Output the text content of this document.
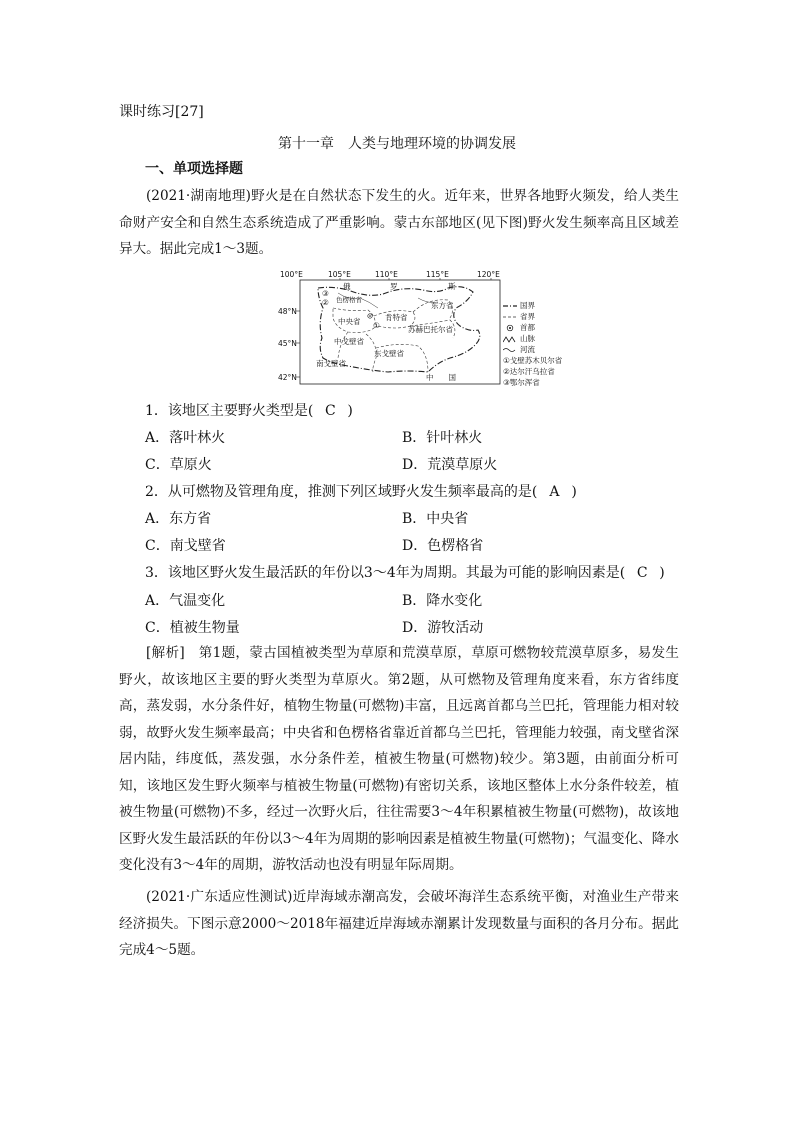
课时练习[27]
第十一章　人类与地理环境的协调发展
一、单项选择题
(2021·湖南地理)野火是在自然状态下发生的火。近年来，世界各地野火频发，给人类生命财产安全和自然生态系统造成了严重影响。蒙古东部地区(见下图)野火发生频率高且区域差异大。据此完成1～3题。
100°E	105°E	110°E	115°E	120°E
48°N
45°N
42°N
俄	罗	斯
③
② 色楞格省
东方省
肯特省
中央省 ①	苏赫巴托尔省
中戈壁省
东戈壁省
南戈壁省
中　　国
国界
省界
首都
山脉
河流
①戈壁苏木贝尔省
②达尔汗乌拉省
③鄂尔浑省
1．该地区主要野火类型是( C )
A．落叶林火	B．针叶林火
C．草原火	D．荒漠草原火
2．从可燃物及管理角度，推测下列区域野火发生频率最高的是( A )
A．东方省	B．中央省
C．南戈壁省	D．色楞格省
3．该地区野火发生最活跃的年份以3～4年为周期。其最为可能的影响因素是( C )
A．气温变化	B．降水变化
C．植被生物量	D．游牧活动
[解析]　第1题，蒙古国植被类型为草原和荒漠草原，草原可燃物较荒漠草原多，易发生野火，故该地区主要的野火类型为草原火。第2题，从可燃物及管理角度来看，东方省纬度高，蒸发弱，水分条件好，植物生物量(可燃物)丰富，且远离首都乌兰巴托，管理能力相对较弱，故野火发生频率最高；中央省和色楞格省靠近首都乌兰巴托，管理能力较强，南戈壁省深居内陆，纬度低，蒸发强，水分条件差，植被生物量(可燃物)较少。第3题，由前面分析可知，该地区发生野火频率与植被生物量(可燃物)有密切关系，该地区整体上水分条件较差，植被生物量(可燃物)不多，经过一次野火后，往往需要3～4年积累植被生物量(可燃物)，故该地区野火发生最活跃的年份以3～4年为周期的影响因素是植被生物量(可燃物)；气温变化、降水变化没有3～4年的周期，游牧活动也没有明显年际周期。
(2021·广东适应性测试)近岸海域赤潮高发，会破坏海洋生态系统平衡，对渔业生产带来经济损失。下图示意2000～2018年福建近岸海域赤潮累计发现数量与面积的各月分布。据此完成4～5题。
